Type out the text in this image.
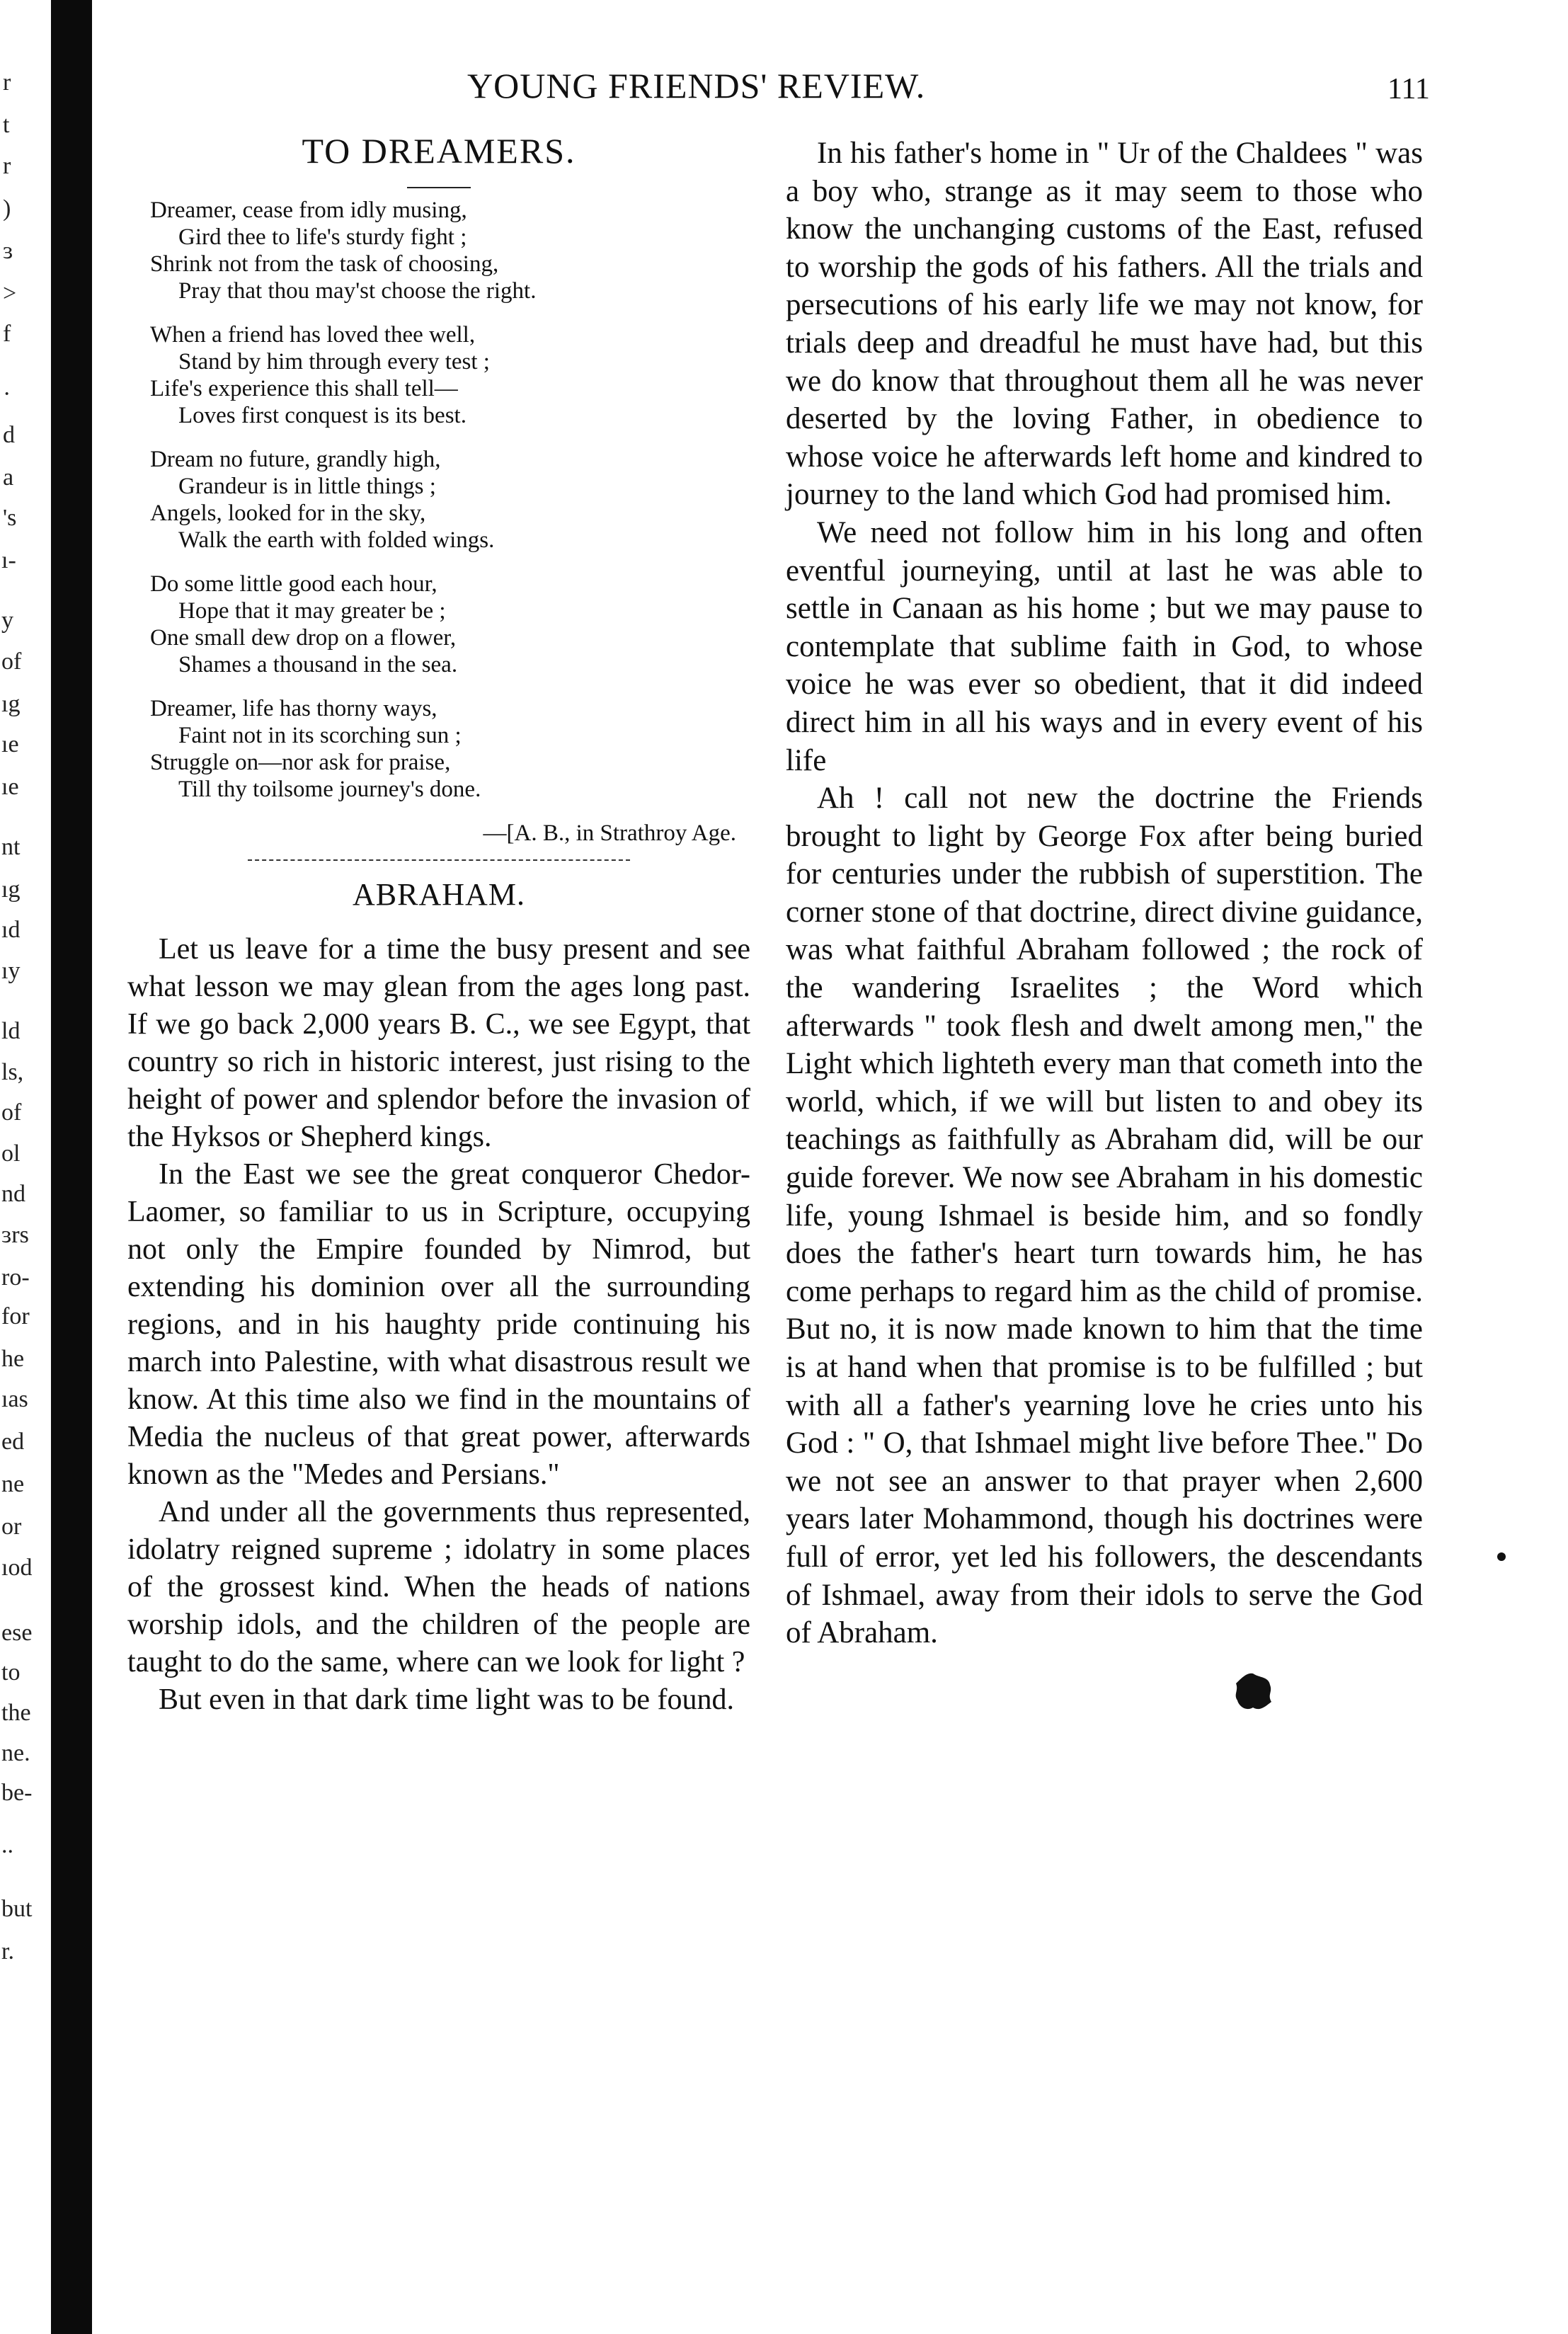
r
t
r
)
ɜ
>
f
·
d
a
's
ı-
y
of
ıg
ıe
ıe
nt
ıg
ıd
ıy
ld
ls,
of
ol
nd
ɜrs
ro-
for
he
ıas
ed
ne
or
ıod
ese
to
the
ne.
be-
..
but
r.
YOUNG FRIENDS' REVIEW.	111
TO DREAMERS.
Dreamer, cease from idly musing,
Gird thee to life's sturdy fight ;
Shrink not from the task of choosing,
Pray that thou may'st choose the right.
When a friend has loved thee well,
Stand by him through every test ;
Life's experience this shall tell—
Loves first conquest is its best.
Dream no future, grandly high,
Grandeur is in little things ;
Angels, looked for in the sky,
Walk the earth with folded wings.
Do some little good each hour,
Hope that it may greater be ;
One small dew drop on a flower,
Shames a thousand in the sea.
Dreamer, life has thorny ways,
Faint not in its scorching sun ;
Struggle on—nor ask for praise,
Till thy toilsome journey's done.
—[A. B., in Strathroy Age.
ABRAHAM.

Let us leave for a time the busy present and see what lesson we may glean from the ages long past. If we go back 2,000 years B. C., we see Egypt, that country so rich in historic interest, just rising to the height of power and splendor before the invasion of the Hyksos or Shepherd kings.

In the East we see the great conqueror Chedor-Laomer, so familiar to us in Scripture, occupying not only the Empire founded by Nimrod, but extending his dominion over all the surrounding regions, and in his haughty pride continuing his march into Palestine, with what disastrous result we know. At this time also we find in the mountains of Media the nucleus of that great power, afterwards known as the "Medes and Persians."

And under all the governments thus represented, idolatry reigned supreme ; idolatry in some places of the grossest kind. When the heads of nations worship idols, and the children of the people are taught to do the same, where can we look for light ?

But even in that dark time light was to be found.

In his father's home in " Ur of the Chaldees " was a boy who, strange as it may seem to those who know the unchanging customs of the East, refused to worship the gods of his fathers. All the trials and persecutions of his early life we may not know, for trials deep and dreadful he must have had, but this we do know that throughout them all he was never deserted by the loving Father, in obedience to whose voice he afterwards left home and kindred to journey to the land which God had promised him.

We need not follow him in his long and often eventful journeying, until at last he was able to settle in Canaan as his home ; but we may pause to contemplate that sublime faith in God, to whose voice he was ever so obedient, that it did indeed direct him in all his ways and in every event of his life

Ah ! call not new the doctrine the Friends brought to light by George Fox after being buried for centuries under the rubbish of superstition. The corner stone of that doctrine, direct divine guidance, was what faithful Abraham followed ; the rock of the wandering Israelites ; the Word which afterwards " took flesh and dwelt among men," the Light which lighteth every man that cometh into the world, which, if we will but listen to and obey its teachings as faithfully as Abraham did, will be our guide forever. We now see Abraham in his domestic life, young Ishmael is beside him, and so fondly does the father's heart turn towards him, he has come perhaps to regard him as the child of promise. But no, it is now made known to him that the time is at hand when that promise is to be fulfilled ; but with all a father's yearning love he cries unto his God : " O, that Ishmael might live before Thee." Do we not see an answer to that prayer when 2,600 years later Mohammond, though his doctrines were full of error, yet led his followers, the descendants of Ishmael, away from their idols to serve the God of Abraham.
